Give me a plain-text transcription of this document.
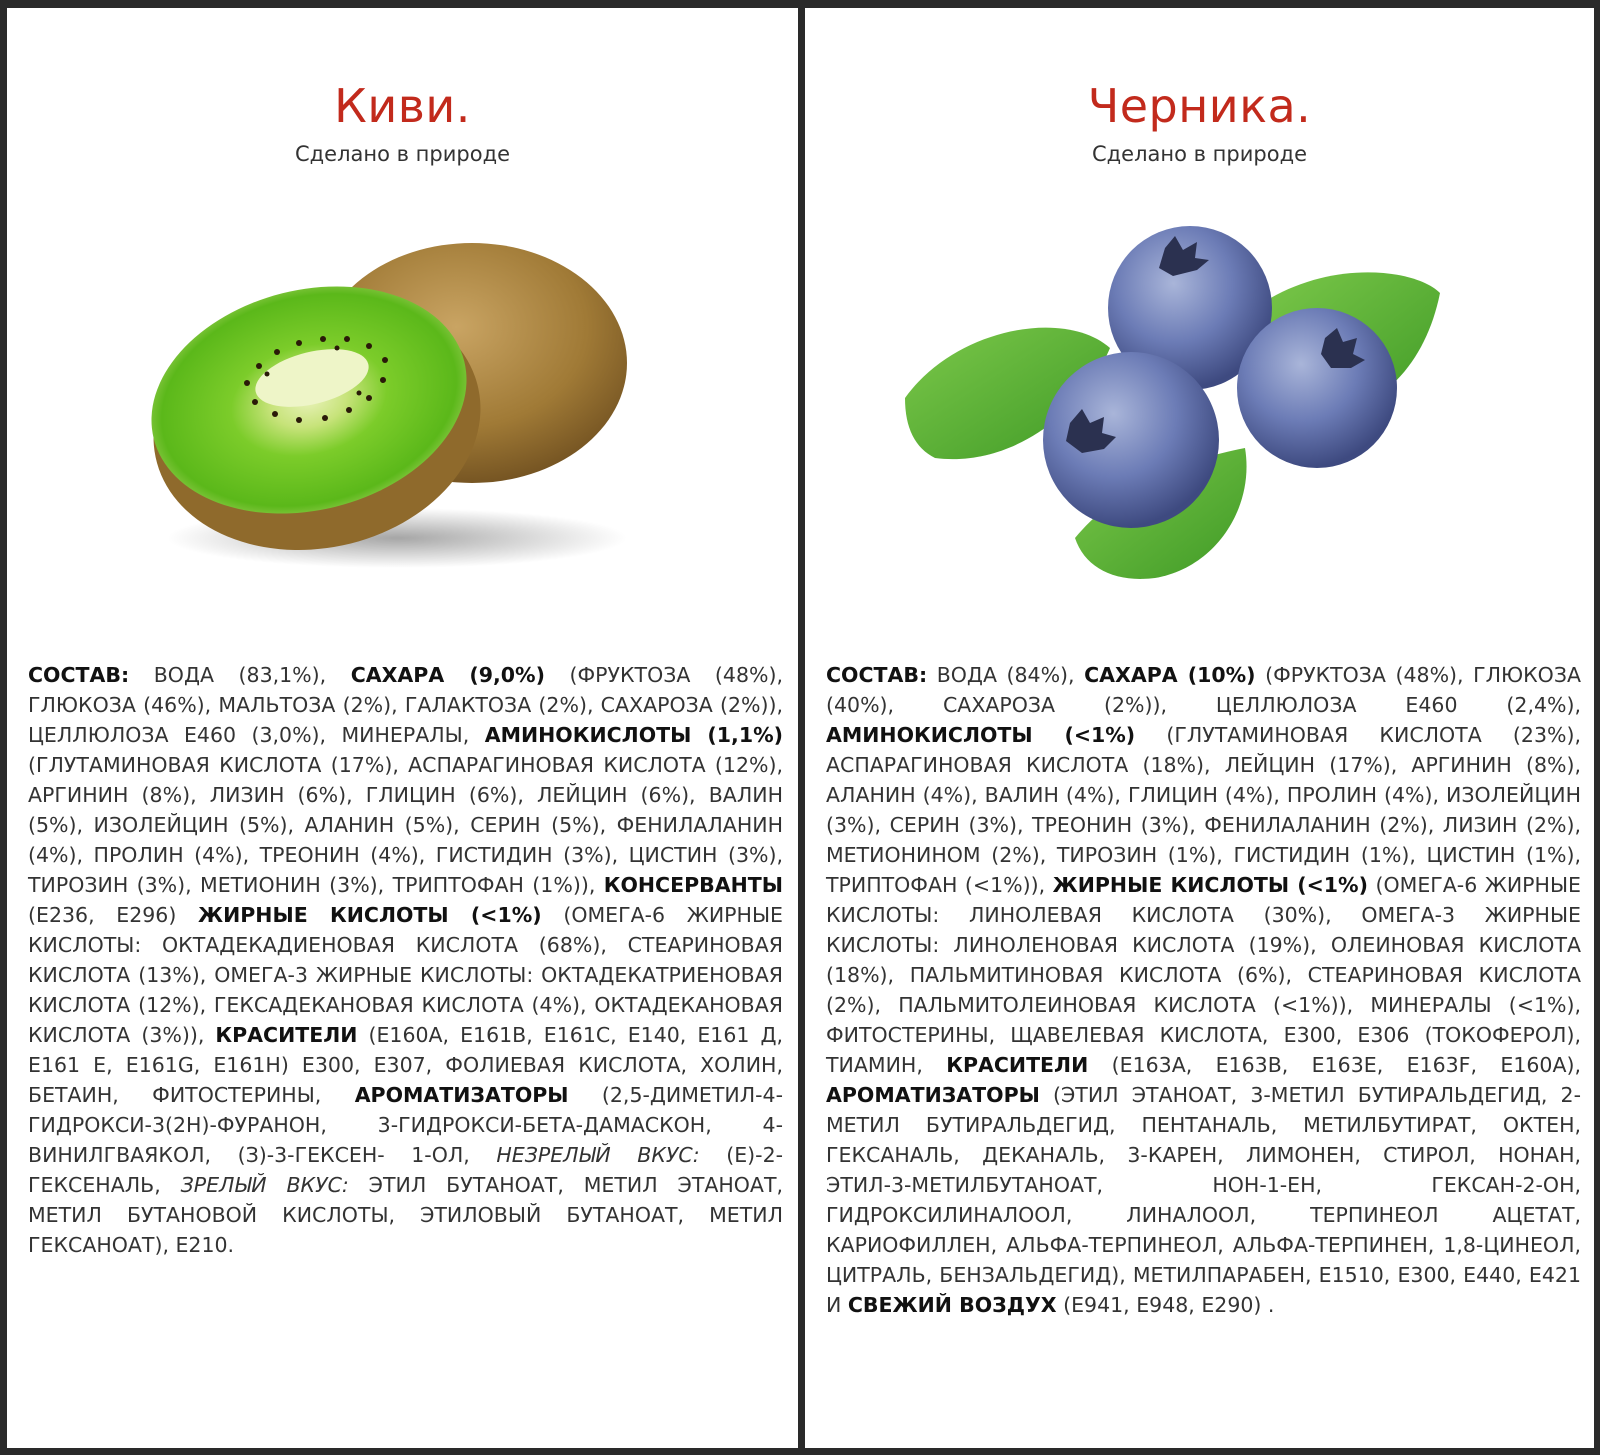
Киви.
Сделано в природе
СОСТАВ: ВОДА (83,1%), САХАРА (9,0%) (ФРУКТОЗА (48%), ГЛЮКОЗА (46%), МАЛЬТОЗА (2%), ГАЛАКТОЗА (2%), САХАРОЗА (2%)), ЦЕЛЛЮЛОЗА Е460 (3,0%), МИНЕРАЛЫ, АМИНОКИСЛОТЫ (1,1%) (ГЛУТАМИНОВАЯ КИСЛОТА (17%), АСПАРАГИНОВАЯ КИСЛОТА (12%), АРГИНИН (8%), ЛИЗИН (6%), ГЛИЦИН (6%), ЛЕЙЦИН (6%), ВАЛИН (5%), ИЗОЛЕЙЦИН (5%), АЛАНИН (5%), СЕРИН (5%), ФЕНИЛАЛАНИН (4%), ПРОЛИН (4%), ТРЕОНИН (4%), ГИСТИДИН (3%), ЦИСТИН (3%), ТИРОЗИН (3%), МЕТИОНИН (3%), ТРИПТОФАН (1%)), КОНСЕРВАНТЫ (Е236, Е296) ЖИРНЫЕ КИСЛОТЫ (<1%) (ОМЕГА-6 ЖИРНЫЕ КИСЛОТЫ: ОКТАДЕКАДИЕНОВАЯ КИСЛОТА (68%), СТЕАРИНОВАЯ КИСЛОТА (13%), ОМЕГА-3 ЖИРНЫЕ КИСЛОТЫ: ОКТАДЕКАТРИЕНОВАЯ КИСЛОТА (12%), ГЕКСАДЕКАНОВАЯ КИСЛОТА (4%), ОКТАДЕКАНОВАЯ КИСЛОТА (3%)), КРАСИТЕЛИ (Е160А, Е161В, Е161С, Е140, Е161 Д, Е161 Е, Е161G, Е161Н) Е300, Е307, ФОЛИЕВАЯ КИСЛОТА, ХОЛИН, БЕТАИН, ФИТОСТЕРИНЫ, АРОМАТИЗАТОРЫ (2,5-ДИМЕТИЛ-4-ГИДРОКСИ-3(2Н)-ФУРАНОН, 3-ГИДРОКСИ-БЕТА-ДАМАСКОН, 4-ВИНИЛГВАЯКОЛ, (З)-3-ГЕКСЕН- 1-ОЛ, НЕЗРЕЛЫЙ ВКУС: (Е)-2-ГЕКСЕНАЛЬ, ЗРЕЛЫЙ ВКУС: ЭТИЛ БУТАНОАТ, МЕТИЛ ЭТАНОАТ, МЕТИЛ БУТАНОВОЙ КИСЛОТЫ, ЭТИЛОВЫЙ БУТАНОАТ, МЕТИЛ ГЕКСАНОАТ), Е210.
Черника.
Сделано в природе
СОСТАВ: ВОДА (84%), САХАРА (10%) (ФРУКТОЗА (48%), ГЛЮКОЗА (40%), САХАРОЗА (2%)), ЦЕЛЛЮЛОЗА Е460 (2,4%), АМИНОКИСЛОТЫ (<1%) (ГЛУТАМИНОВАЯ КИСЛОТА (23%), АСПАРАГИНОВАЯ КИСЛОТА (18%), ЛЕЙЦИН (17%), АРГИНИН (8%), АЛАНИН (4%), ВАЛИН (4%), ГЛИЦИН (4%), ПРОЛИН (4%), ИЗОЛЕЙЦИН (3%), СЕРИН (3%), ТРЕОНИН (3%), ФЕНИЛАЛАНИН (2%), ЛИЗИН (2%), МЕТИОНИНОМ (2%), ТИРОЗИН (1%), ГИСТИДИН (1%), ЦИСТИН (1%), ТРИПТОФАН (<1%)), ЖИРНЫЕ КИСЛОТЫ (<1%) (ОМЕГА-6 ЖИРНЫЕ КИСЛОТЫ: ЛИНОЛЕВАЯ КИСЛОТА (30%), ОМЕГА-3 ЖИРНЫЕ КИСЛОТЫ: ЛИНОЛЕНОВАЯ КИСЛОТА (19%), ОЛЕИНОВАЯ КИСЛОТА (18%), ПАЛЬМИТИНОВАЯ КИСЛОТА (6%), СТЕАРИНОВАЯ КИСЛОТА (2%), ПАЛЬМИТОЛЕИНОВАЯ КИСЛОТА (<1%)), МИНЕРАЛЫ (<1%), ФИТОСТЕРИНЫ, ЩАВЕЛЕВАЯ КИСЛОТА, Е300, Е306 (ТОКОФЕРОЛ), ТИАМИН, КРАСИТЕЛИ (Е163А, Е163В, Е163Е, Е163F, Е160А), АРОМАТИЗАТОРЫ (ЭТИЛ ЭТАНОАТ, 3-МЕТИЛ БУТИРАЛЬДЕГИД, 2-МЕТИЛ БУТИРАЛЬДЕГИД, ПЕНТАНАЛЬ, МЕТИЛБУТИРАТ, ОКТЕН, ГЕКСАНАЛЬ, ДЕКАНАЛЬ, 3-КАРЕН, ЛИМОНЕН, СТИРОЛ, НОНАН, ЭТИЛ-3-МЕТИЛБУТАНОАТ, НОН-1-ЕН, ГЕКСАН-2-ОН, ГИДРОКСИЛИНАЛООЛ, ЛИНАЛООЛ, ТЕРПИНЕОЛ АЦЕТАТ, КАРИОФИЛЛЕН, АЛЬФА-ТЕРПИНЕОЛ, АЛЬФА-ТЕРПИНЕН, 1,8-ЦИНЕОЛ, ЦИТРАЛЬ, БЕНЗАЛЬДЕГИД), МЕТИЛПАРАБЕН, Е1510, Е300, Е440, Е421 И СВЕЖИЙ ВОЗДУХ (Е941, Е948, Е290) .
